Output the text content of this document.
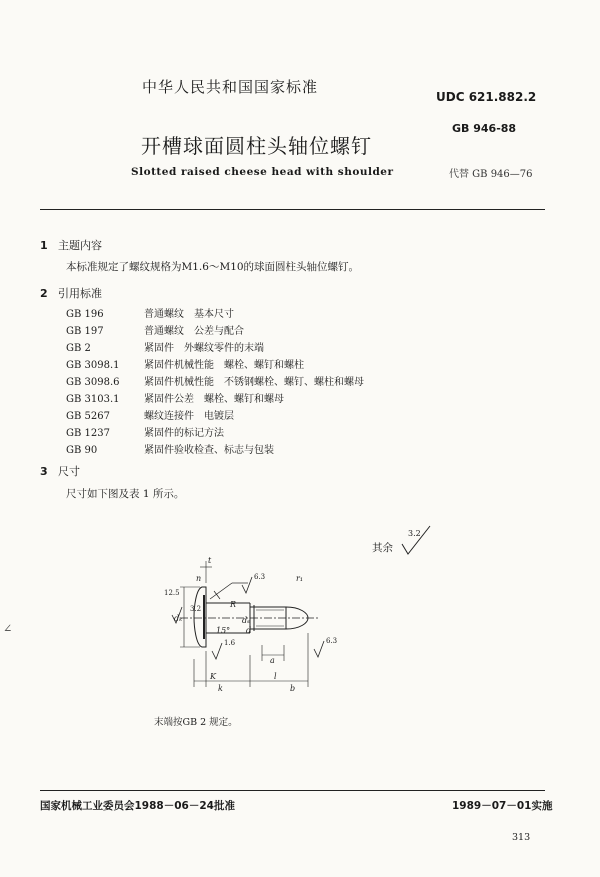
中华人民共和国国家标准
UDC 621.882.2
开槽球面圆柱头轴位螺钉
GB 946-88
Slotted raised cheese head with shoulder	代替 GB 946—76
1 主题内容
本标准规定了螺纹规格为M1.6～M10的球面圆柱头轴位螺钉。
2 引用标准
GB 196	普通螺纹　基本尺寸
GB 197	普通螺纹　公差与配合
GB 2	紧固件　外螺纹零件的末端
GB 3098.1 紧固件机械性能　螺栓、螺钉和螺柱
GB 3098.6 紧固件机械性能　不锈钢螺栓、螺钉、螺柱和螺母
GB 3103.1 紧固件公差　螺栓、螺钉和螺母
GB 5267	螺纹连接件　电镀层
GB 1237	紧固件的标记方法
GB 90	紧固件验收检查、标志与包装
3 尺寸
尺寸如下图及表 1 所示。
其余
3.2
t
n	r₁
R
dₖ	dₛ
d
K
k
l
b
a
15°
12.5
6.3
3.2
1.6	6.3
末端按GB 2 规定。
∠
国家机械工业委员会1988－06－24批准	1989－07－01实施
313
